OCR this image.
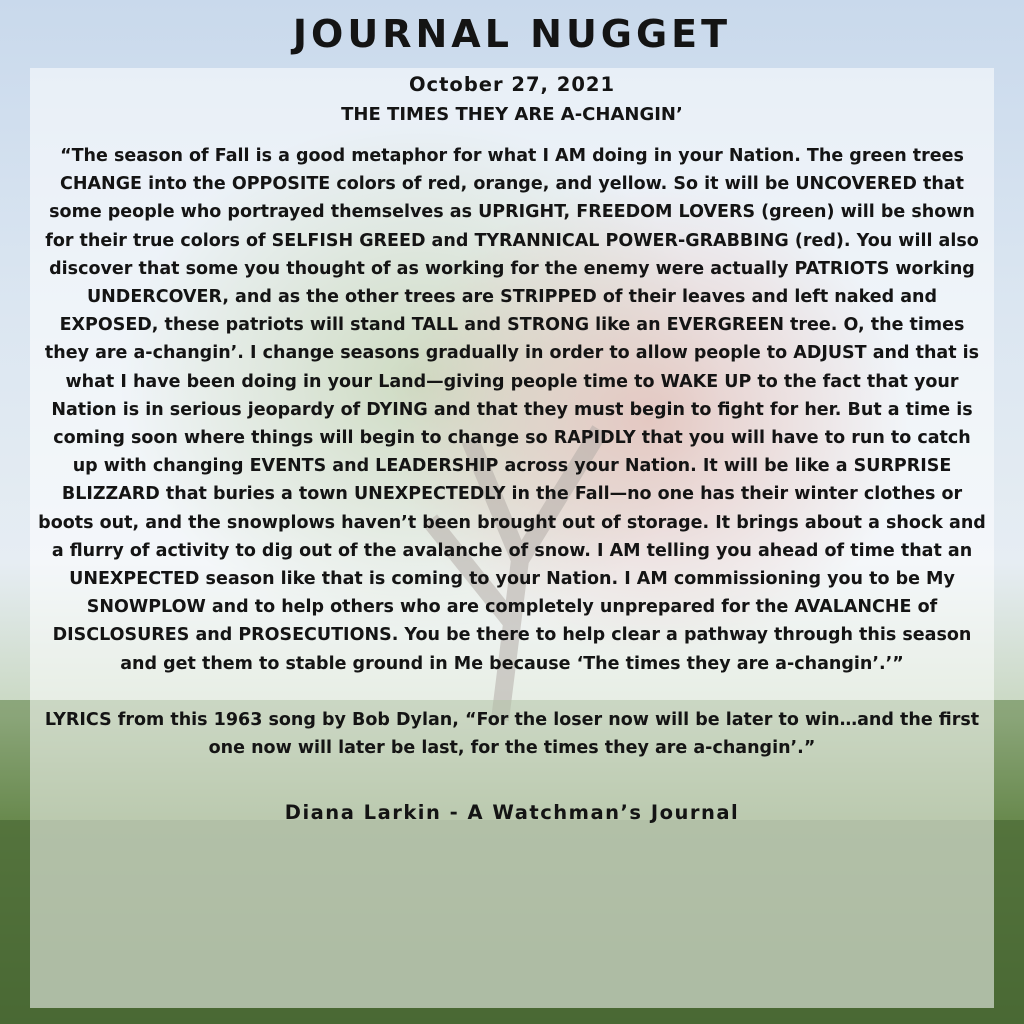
JOURNAL NUGGET
October 27, 2021
THE TIMES THEY ARE A-CHANGIN’
“The season of Fall is a good metaphor for what I AM doing in your Nation. The green trees CHANGE into the OPPOSITE colors of red, orange, and yellow. So it will be UNCOVERED that some people who portrayed themselves as UPRIGHT, FREEDOM LOVERS (green) will be shown for their true colors of SELFISH GREED and TYRANNICAL POWER-GRABBING (red). You will also discover that some you thought of as working for the enemy were actually PATRIOTS working UNDERCOVER, and as the other trees are STRIPPED of their leaves and left naked and EXPOSED, these patriots will stand TALL and STRONG like an EVERGREEN tree. O, the times they are a-changin’. I change seasons gradually in order to allow people to ADJUST and that is what I have been doing in your Land—giving people time to WAKE UP to the fact that your Nation is in serious jeopardy of DYING and that they must begin to fight for her. But a time is coming soon where things will begin to change so RAPIDLY that you will have to run to catch up with changing EVENTS and LEADERSHIP across your Nation. It will be like a SURPRISE BLIZZARD that buries a town UNEXPECTEDLY in the Fall—no one has their winter clothes or boots out, and the snowplows haven’t been brought out of storage. It brings about a shock and a flurry of activity to dig out of the avalanche of snow. I AM telling you ahead of time that an UNEXPECTED season like that is coming to your Nation. I AM commissioning you to be My SNOWPLOW and to help others who are completely unprepared for the AVALANCHE of DISCLOSURES and PROSECUTIONS. You be there to help clear a pathway through this season and get them to stable ground in Me because ‘The times they are a-changin’.’”
LYRICS from this 1963 song by Bob Dylan, “For the loser now will be later to win…and the first one now will later be last, for the times they are a-changin’.”
Diana Larkin - A Watchman’s Journal
